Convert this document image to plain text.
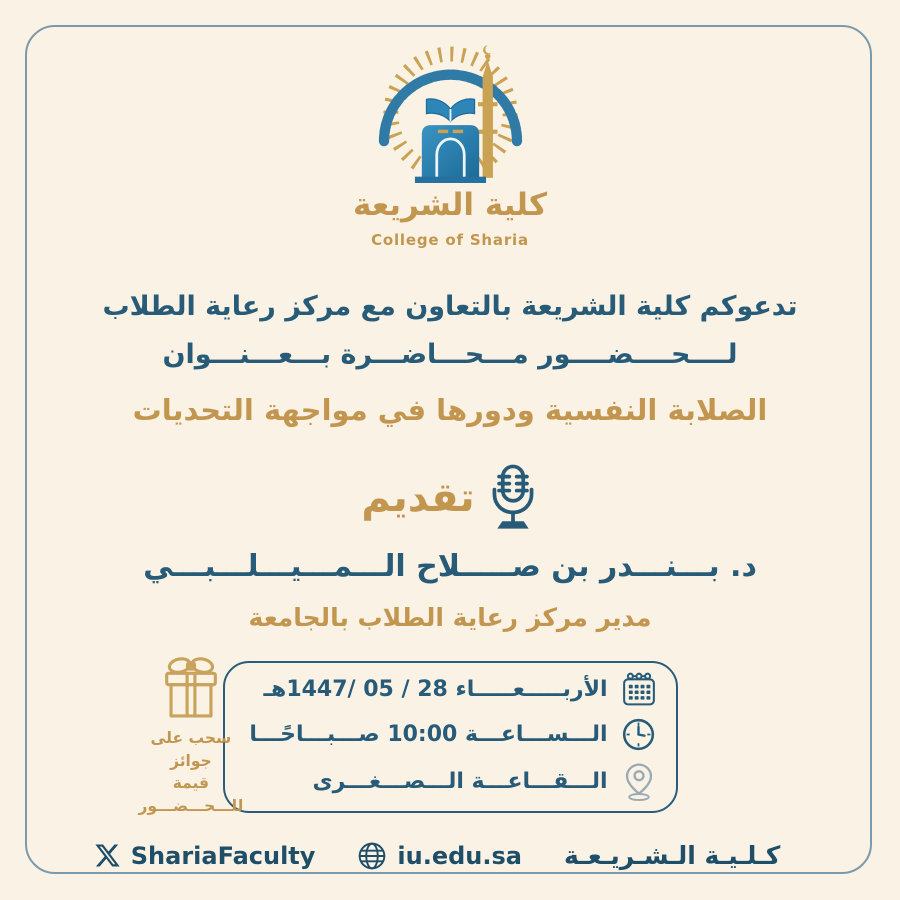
كلية الشريعة
College of Sharia
تدعوكم كلية الشريعة بالتعاون مع مركز رعاية الطلاب
لــــحــــضــــور مـــحـــاضـــرة بـــعـــنـــوان
الصلابة النفسية ودورها في مواجهة التحديات
تقديم
د. بـــنـــدر بن صـــــلاح الـــمـــيـــلـــبـــي
مدير مركز رعاية الطلاب بالجامعة
الأربـــــعـــــاء 28 / 05 /1447هـ
الـــســـاعـــة 10:00 صـــبـــاحًـــا
الـــقـــاعـــة الـــصـــغـــرى
سحب على جوائز
قيمة للـــحـــضـــور
ShariaFaculty	iu.edu.sa كـلـيـة الـشـريـعـة
